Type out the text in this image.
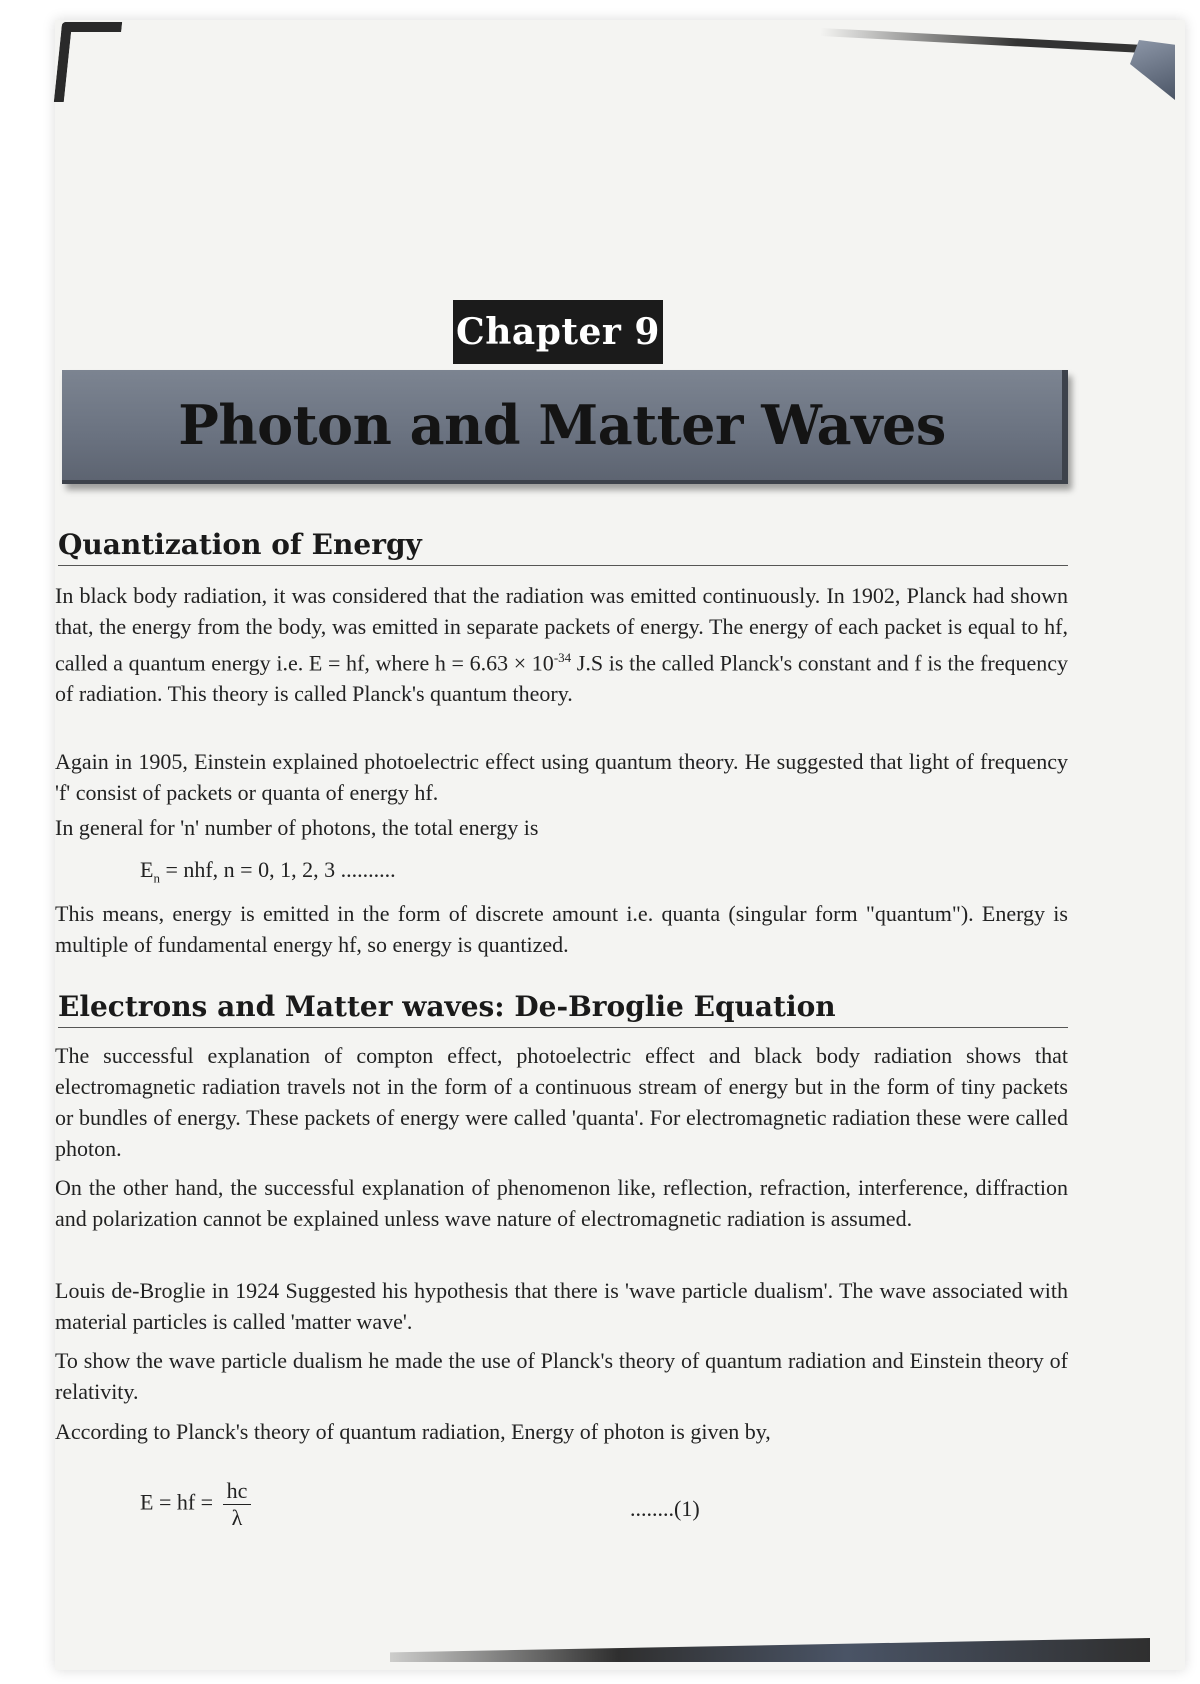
Chapter 9
Photon and Matter Waves
Quantization of Energy
In black body radiation, it was considered that the radiation was emitted continuously. In 1902, Planck had shown that, the energy from the body, was emitted in separate packets of energy. The energy of each packet is equal to hf, called a quantum energy i.e. E = hf, where $h = 6.63 \times 10^{-34}$ J.S is the called Planck's constant and f is the frequency of radiation. This theory is called Planck's quantum theory.
Again in 1905, Einstein explained photoelectric effect using quantum theory. He suggested that light of frequency 'f' consist of packets or quanta of energy hf.
In general for 'n' number of photons, the total energy is
$E_n$ = nhf, n = 0, 1, 2, 3 ..........
This means, energy is emitted in the form of discrete amount i.e. quanta (singular form "quantum"). Energy is multiple of fundamental energy hf, so energy is quantized.
Electrons and Matter waves: De-Broglie Equation
The successful explanation of compton effect, photoelectric effect and black body radiation shows that electromagnetic radiation travels not in the form of a continuous stream of energy but in the form of tiny packets or bundles of energy. These packets of energy were called 'quanta'. For electromagnetic radiation these were called photon.
On the other hand, the successful explanation of phenomenon like, reflection, refraction, interference, diffraction and polarization cannot be explained unless wave nature of electromagnetic radiation is assumed.
Louis de-Broglie in 1924 Suggested his hypothesis that there is 'wave particle dualism'. The wave associated with material particles is called 'matter wave'.
To show the wave particle dualism he made the use of Planck's theory of quantum radiation and Einstein theory of relativity.
According to Planck's theory of quantum radiation, Energy of photon is given by,
E = hf = $\frac{hc}{\lambda}$	........(1)
